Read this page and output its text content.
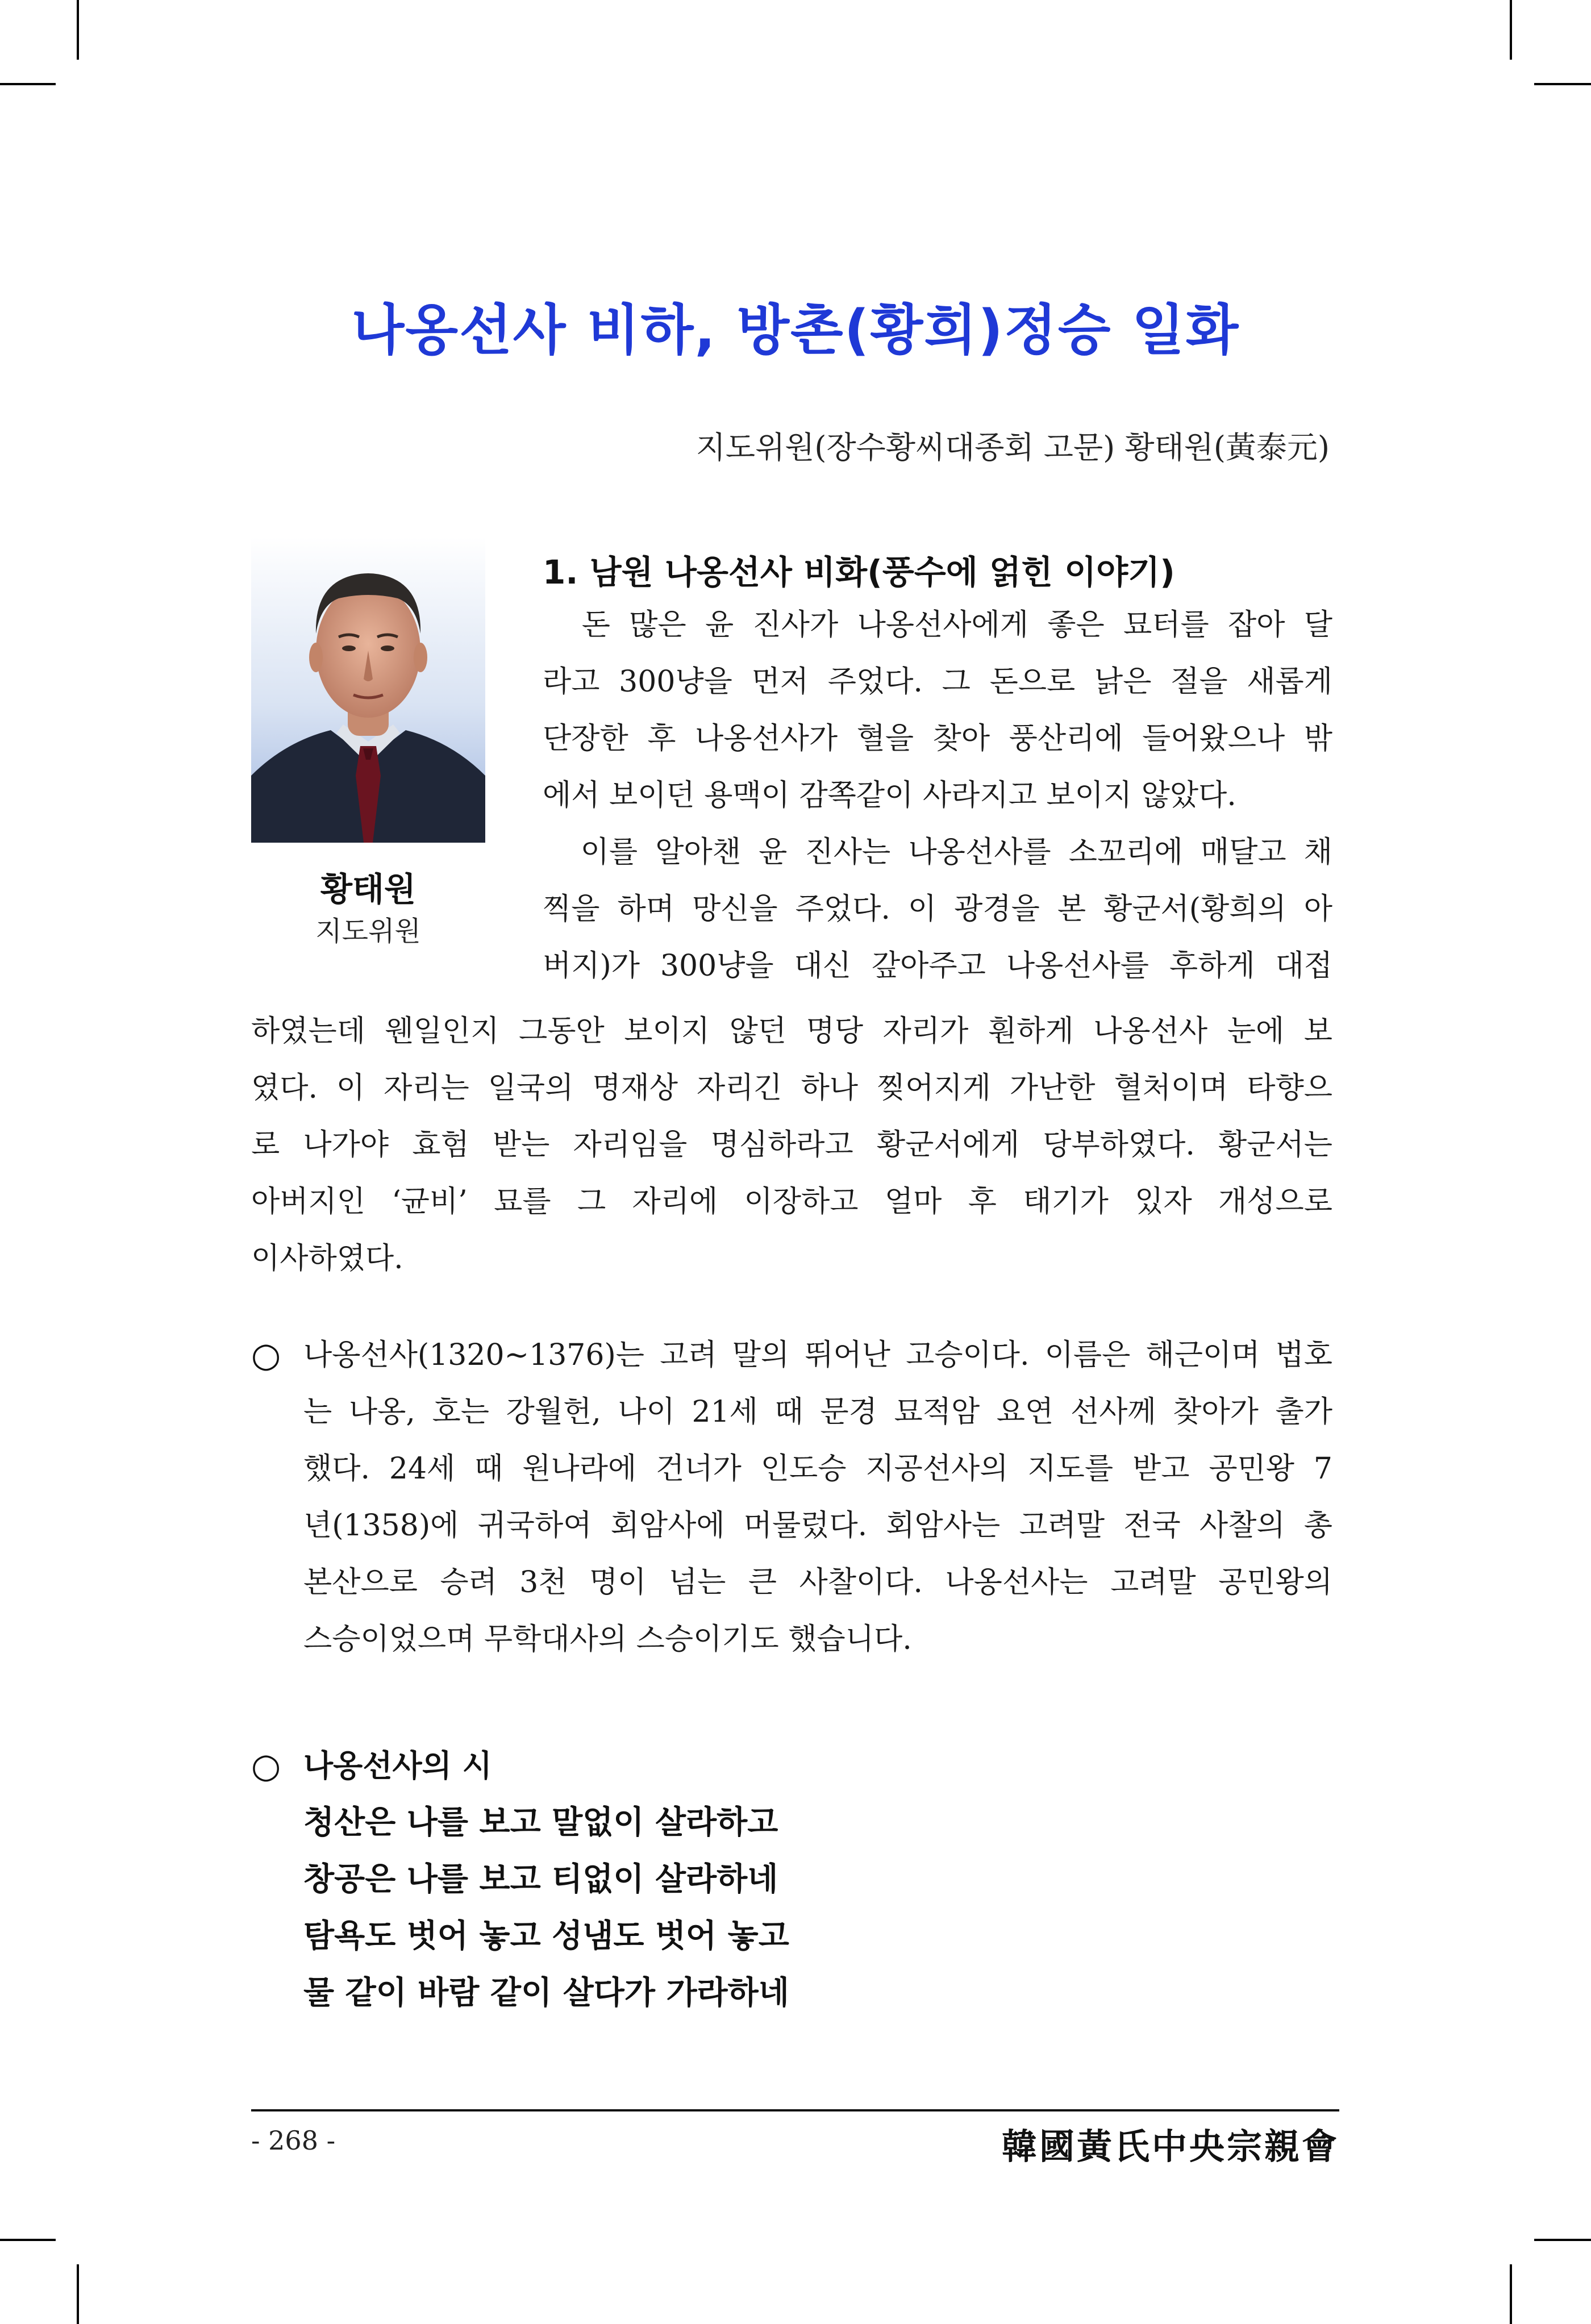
나옹선사 비하, 방촌(황희)정승 일화
지도위원(장수황씨대종회 고문) 황태원(黃泰元)
황태원
지도위원
1. 남원 나옹선사 비화(풍수에 얽힌 이야기)
　돈 많은 윤 진사가 나옹선사에게 좋은 묘터를 잡아 달
라고 300냥을 먼저 주었다. 그 돈으로 낡은 절을 새롭게
단장한 후 나옹선사가 혈을 찾아 풍산리에 들어왔으나 밖
에서 보이던 용맥이 감쪽같이 사라지고 보이지 않았다.
　이를 알아챈 윤 진사는 나옹선사를 소꼬리에 매달고 채
찍을 하며 망신을 주었다. 이 광경을 본 황군서(황희의 아
버지)가 300냥을 대신 갚아주고 나옹선사를 후하게 대접
하였는데 웬일인지 그동안 보이지 않던 명당 자리가 훤하게 나옹선사 눈에 보
였다. 이 자리는 일국의 명재상 자리긴 하나 찢어지게 가난한 혈처이며 타향으
로 나가야 효험 받는 자리임을 명심하라고 황군서에게 당부하였다. 황군서는
아버지인 ‘균비’ 묘를 그 자리에 이장하고 얼마 후 태기가 있자 개성으로
이사하였다.
○ 나옹선사(1320~1376)는 고려 말의 뛰어난 고승이다. 이름은 해근이며 법호
는 나옹, 호는 강월헌, 나이 21세 때 문경 묘적암 요연 선사께 찾아가 출가
했다. 24세 때 원나라에 건너가 인도승 지공선사의 지도를 받고 공민왕 7
년(1358)에 귀국하여 회암사에 머물렀다. 회암사는 고려말 전국 사찰의 총
본산으로 승려 3천 명이 넘는 큰 사찰이다. 나옹선사는 고려말 공민왕의
스승이었으며 무학대사의 스승이기도 했습니다.
○ 나옹선사의 시
청산은 나를 보고 말없이 살라하고
창공은 나를 보고 티없이 살라하네
탐욕도 벗어 놓고 성냄도 벗어 놓고
물 같이 바람 같이 살다가 가라하네
- 268 -	韓國黃氏中央宗親會
